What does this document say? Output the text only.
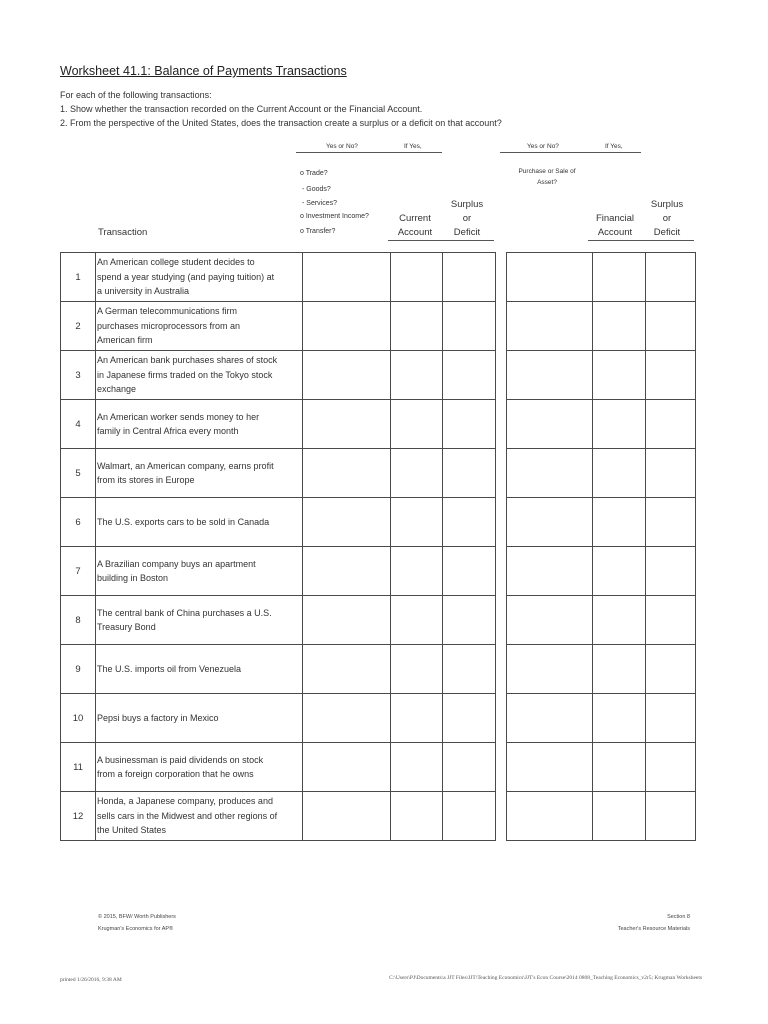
Worksheet 41.1: Balance of Payments Transactions
For each of the following transactions:
1. Show whether the transaction recorded on the Current Account or the Financial Account.
2. From the perspective of the United States, does the transaction create a surplus or a deficit on that account?
Yes or No?	If Yes,	Yes or No?	If Yes,
o Trade?
- Goods?
- Services?
o Investment Income?
o Transfer?
Purchase or Sale of
Asset?
Transaction
Current
Account
Surplus
or
Deficit
Financial
Account
Surplus
or
Deficit
1	An American college student decides to
spend a year studying (and paying tuition) at
a university in Australia							

2	A German telecommunications firm
purchases microprocessors from an
American firm							

3	An American bank purchases shares of stock
in Japanese firms traded on the Tokyo stock
exchange							

4	An American worker sends money to her
family in Central Africa every month							

5	Walmart, an American company, earns profit
from its stores in Europe							

6	The U.S. exports cars to be sold in Canada							

7	A Brazilian company buys an apartment
building in Boston							

8	The central bank of China purchases a U.S.
Treasury Bond							

9	The U.S. imports oil from Venezuela							

10	Pepsi buys a factory in Mexico							

11	A businessman is paid dividends on stock
from a foreign corporation that he owns							

12	Honda, a Japanese company, produces and
sells cars in the Midwest and other regions of
the United States							

© 2015, BFW/ Worth Publishers
Krugman's Economics for AP®
Section 8
Teacher's Resource Materials
printed 1/26/2016, 9:38 AM	C:\Users\PJ\Documents\a JJT Files\JJT\Teaching Economics\JJT's Econ Course\2014 0808_Teaching Economics_v2r5; Krugman Worksheets
